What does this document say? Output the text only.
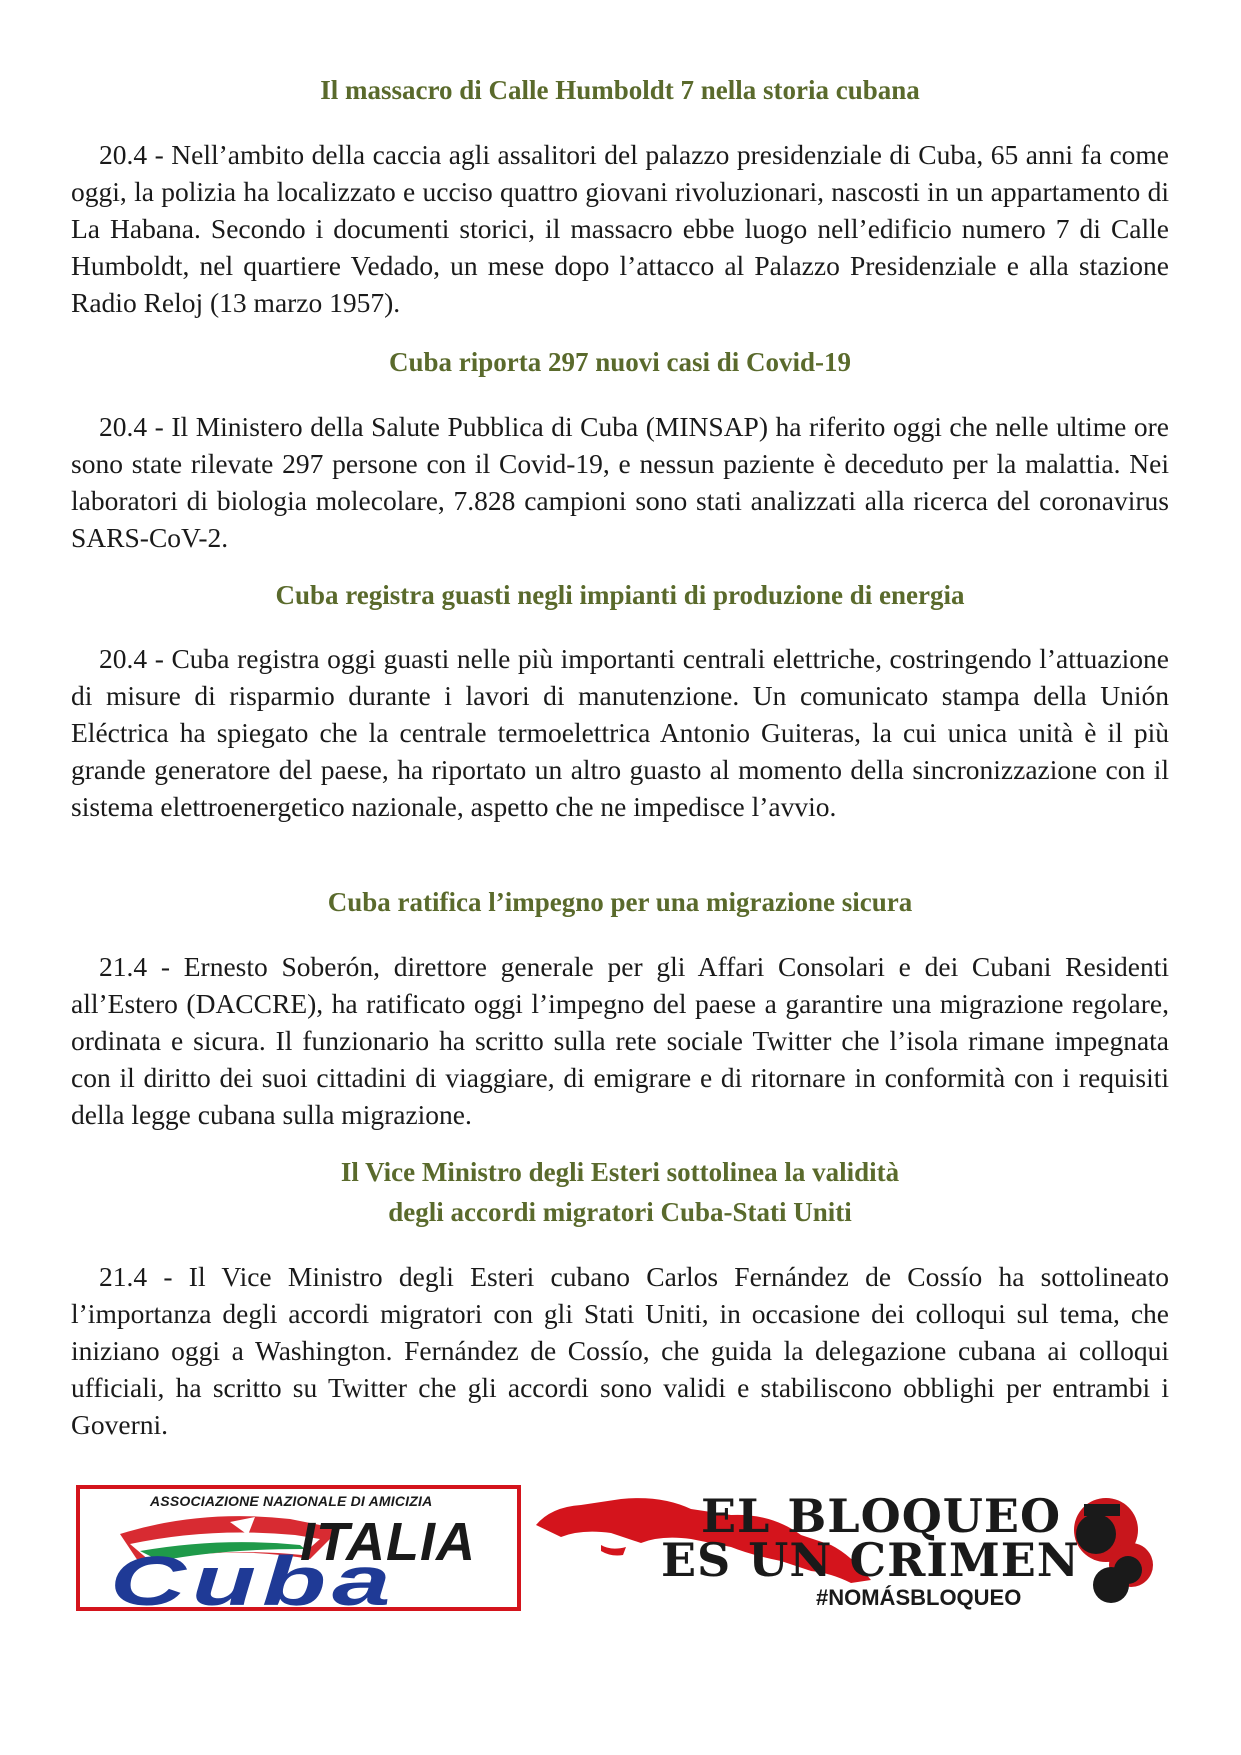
Il massacro di Calle Humboldt 7 nella storia cubana
20.4 - Nell’ambito della caccia agli assalitori del palazzo presidenziale di Cuba, 65 anni fa come oggi, la polizia ha localizzato e ucciso quattro giovani rivoluzionari, nascosti in un appartamento di La Habana. Secondo i documenti storici, il massacro ebbe luogo nell’edificio numero 7 di Calle Humboldt, nel quartiere Vedado, un mese dopo l’attacco al Palazzo Presidenziale e alla stazione Radio Reloj (13 marzo 1957).
Cuba riporta 297 nuovi casi di Covid-19
20.4 - Il Ministero della Salute Pubblica di Cuba (MINSAP) ha riferito oggi che nelle ultime ore sono state rilevate 297 persone con il Covid-19, e nessun paziente è deceduto per la malattia. Nei laboratori di biologia molecolare, 7.828 campioni sono stati analizzati alla ricerca del coronavirus SARS-CoV-2.
Cuba registra guasti negli impianti di produzione di energia
20.4 - Cuba registra oggi guasti nelle più importanti centrali elettriche, costringendo l’attuazione di misure di risparmio durante i lavori di manutenzione. Un comunicato stampa della Unión Eléctrica ha spiegato che la centrale termoelettrica Antonio Guiteras, la cui unica unità è il più grande generatore del paese, ha riportato un altro guasto al momento della sincronizzazione con il sistema elettroenergetico nazionale, aspetto che ne impedisce l’avvio.
Cuba ratifica l’impegno per una migrazione sicura
21.4 - Ernesto Soberón, direttore generale per gli Affari Consolari e dei Cubani Residenti all’Estero (DACCRE), ha ratificato oggi l’impegno del paese a garantire una migrazione regolare, ordinata e sicura. Il funzionario ha scritto sulla rete sociale Twitter che l’isola rimane impegnata con il diritto dei suoi cittadini di viaggiare, di emigrare e di ritornare in conformità con i requisiti della legge cubana sulla migrazione.
Il Vice Ministro degli Esteri sottolinea la validità
degli accordi migratori Cuba-Stati Uniti
21.4 - Il Vice Ministro degli Esteri cubano Carlos Fernández de Cossío ha sottolineato l’importanza degli accordi migratori con gli Stati Uniti, in occasione dei colloqui sul tema, che iniziano oggi a Washington. Fernández de Cossío, che guida la delegazione cubana ai colloqui ufficiali, ha scritto su Twitter che gli accordi sono validi e stabiliscono obblighi per entrambi i Governi.
ASSOCIAZIONE NAZIONALE DI AMICIZIA
ITALIA
Cuba
EL BLOQUEO
ES UN CRIMEN
#NOMÁSBLOQUEO
